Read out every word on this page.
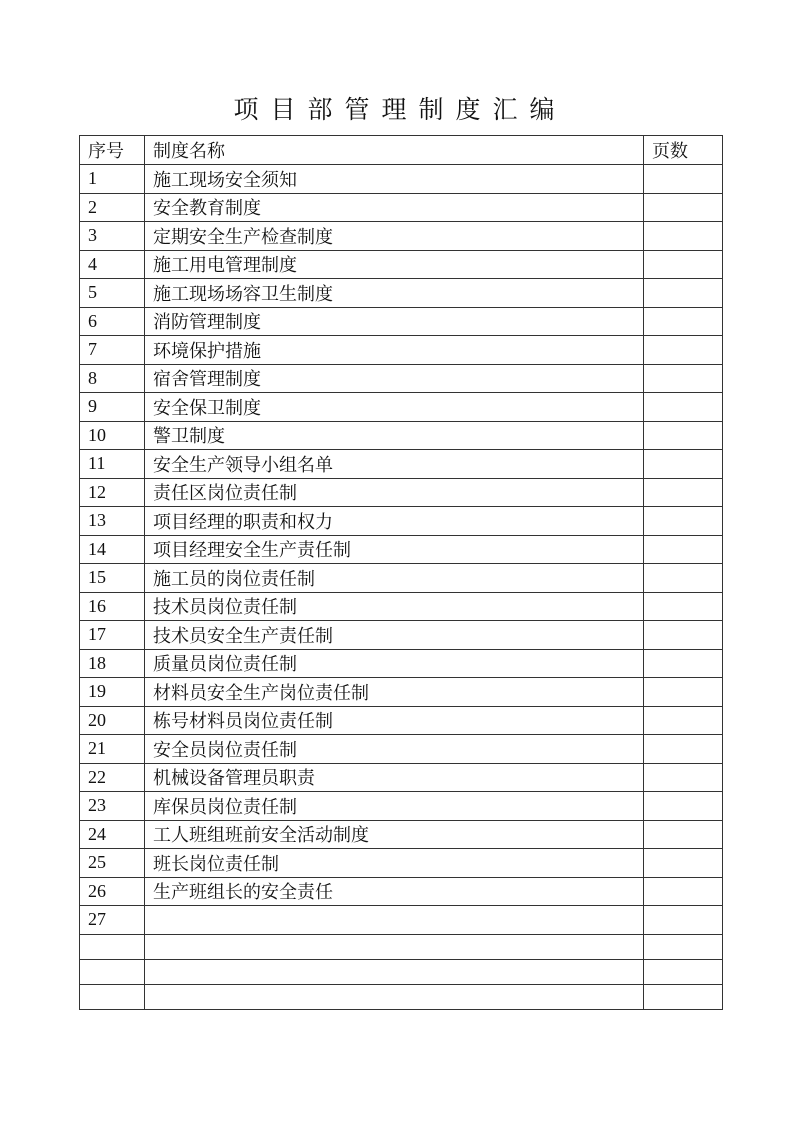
项目部管理制度汇编
序号	制度名称	页数
1	施工现场安全须知	
2	安全教育制度	
3	定期安全生产检查制度	
4	施工用电管理制度	
5	施工现场场容卫生制度	
6	消防管理制度	
7	环境保护措施	
8	宿舍管理制度	
9	安全保卫制度	
10	警卫制度	
11	安全生产领导小组名单	
12	责任区岗位责任制	
13	项目经理的职责和权力	
14	项目经理安全生产责任制	
15	施工员的岗位责任制	
16	技术员岗位责任制	
17	技术员安全生产责任制	
18	质量员岗位责任制	
19	材料员安全生产岗位责任制	
20	栋号材料员岗位责任制	
21	安全员岗位责任制	
22	机械设备管理员职责	
23	库保员岗位责任制	
24	工人班组班前安全活动制度	
25	班长岗位责任制	
26	生产班组长的安全责任	
27		
